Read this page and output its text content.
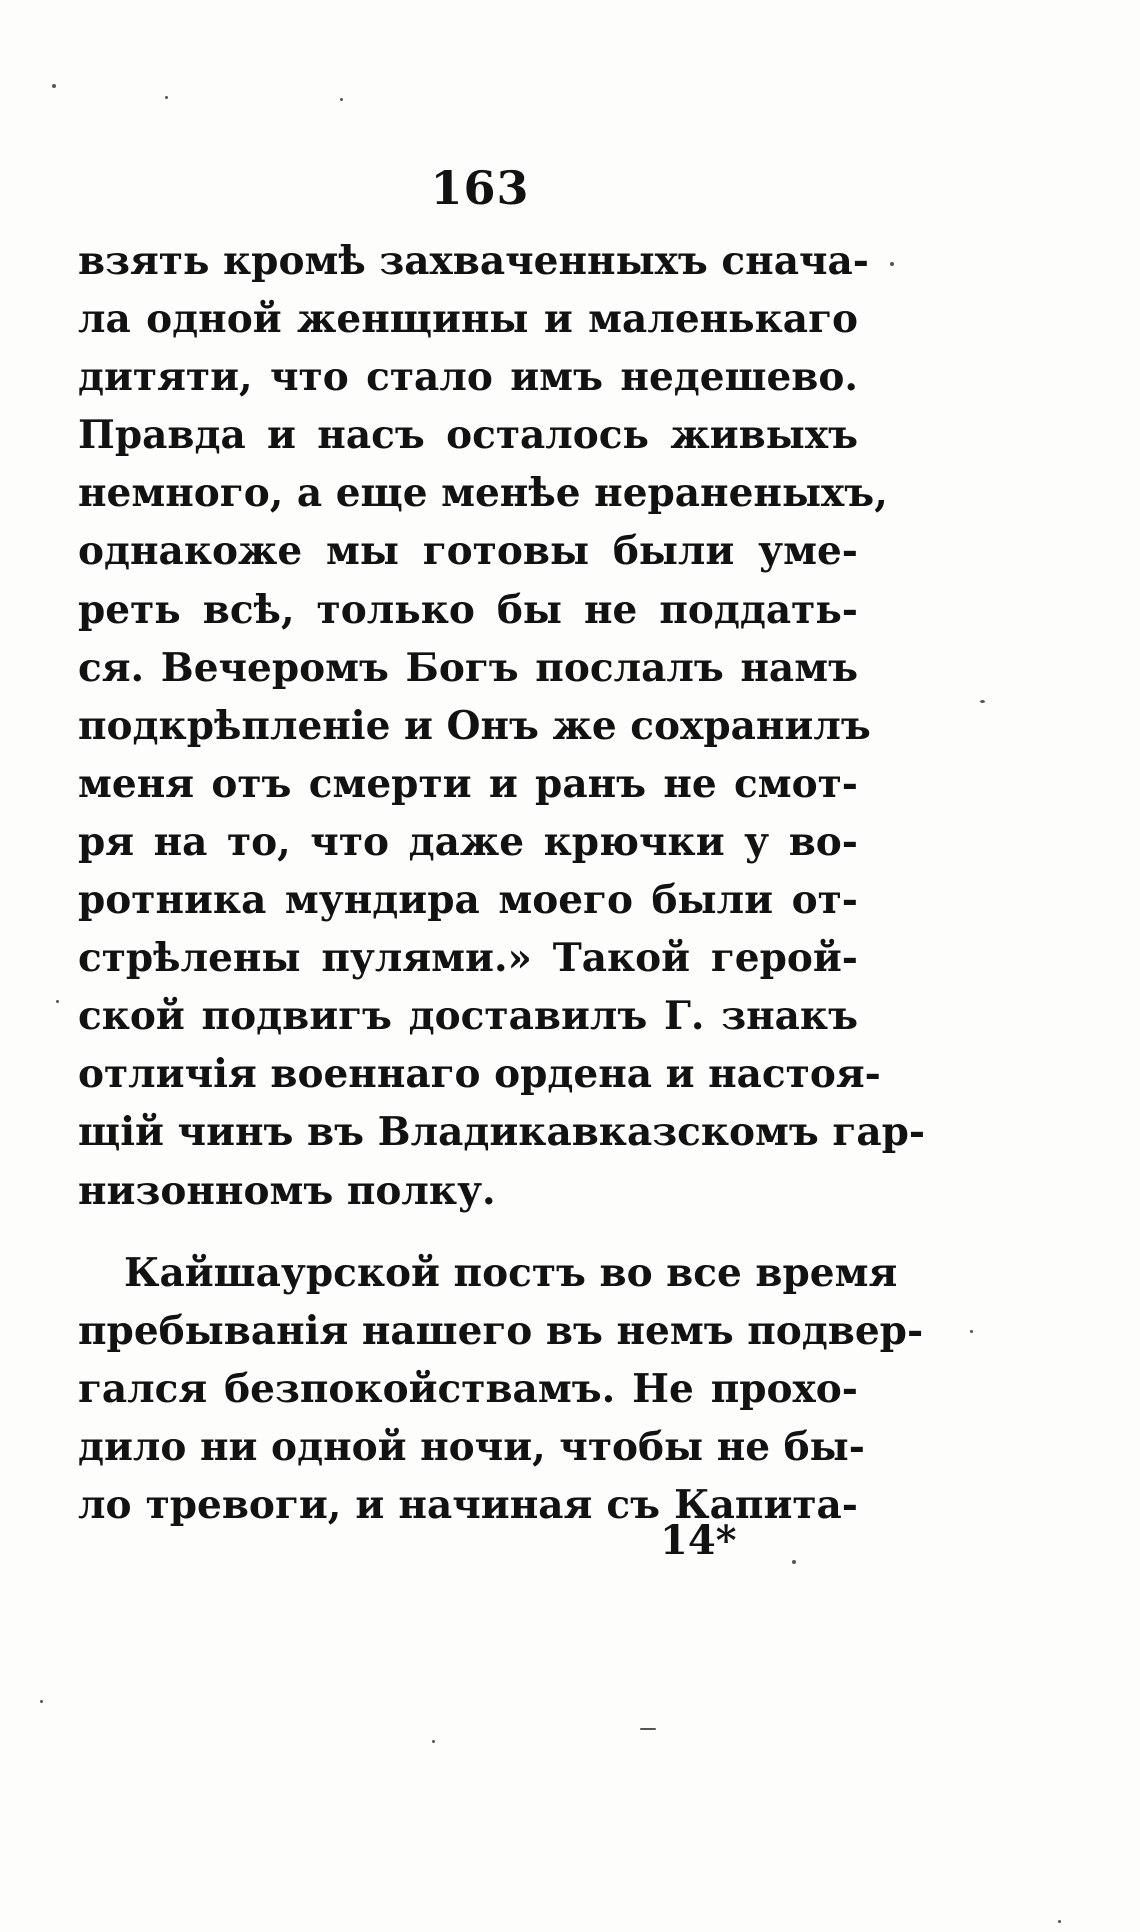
163
взять кромѣ захваченныхъ снача-
ла одной женщины и маленькаго
дитяти, что стало имъ недешево.
Правда и насъ осталось живыхъ
немного, а еще менѣе нераненыхъ,
однакоже мы готовы были уме-
реть всѣ, только бы не поддать-
ся. Вечеромъ Богъ послалъ намъ
подкрѣпленіе и Онъ же сохранилъ
меня отъ смерти и ранъ не смот-
ря на то, что даже крючки у во-
ротника мундира моего были от-
стрѣлены пулями.» Такой герой-
ской подвигъ доставилъ Г. знакъ
отличія военнаго ордена и настоя-
щій чинъ въ Владикавказскомъ гар-
низонномъ полку.
Кайшаурской постъ во все время
пребыванія нашего въ немъ подвер-
гался безпокойствамъ. Не прохо-
дило ни одной ночи, чтобы не бы-
ло тревоги, и начиная съ Капита-
14*
